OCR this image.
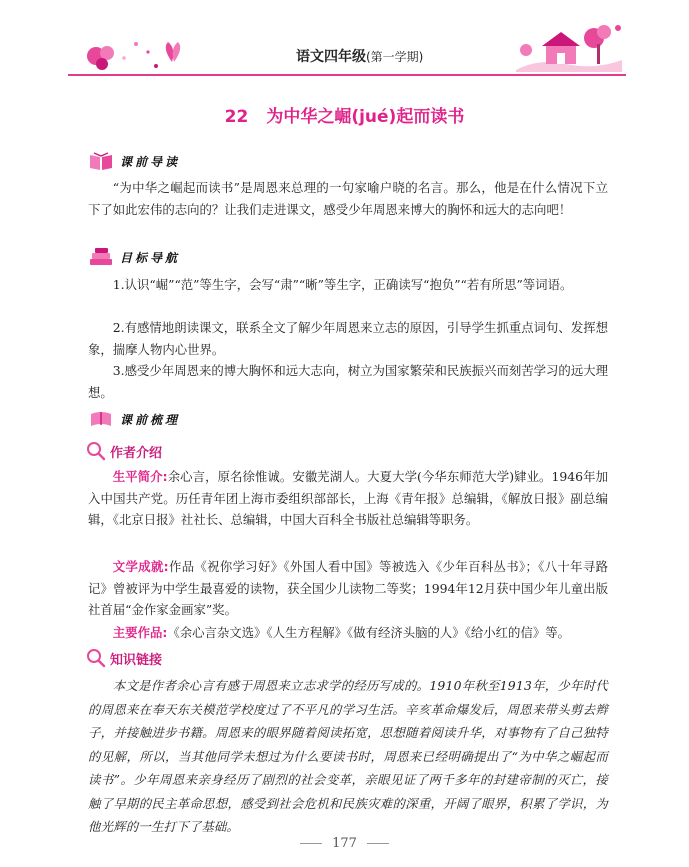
语文四年级(第一学期)
22 为中华之崛(jué)起而读书
课前导读

“为中华之崛起而读书”是周恩来总理的一句家喻户晓的名言。那么，他是在什么情况下立下了如此宏伟的志向的？让我们走进课文，感受少年周恩来博大的胸怀和远大的志向吧！

目标导航

1.认识“崛”“范”等生字，会写“肃”“晰”等生字，正确读写“抱负”“若有所思”等词语。

2.有感情地朗读课文，联系全文了解少年周恩来立志的原因，引导学生抓重点词句、发挥想象，揣摩人物内心世界。

3.感受少年周恩来的博大胸怀和远大志向，树立为国家繁荣和民族振兴而刻苦学习的远大理想。

课前梳理
作者介绍

生平简介:余心言，原名徐惟诚。安徽芜湖人。大夏大学(今华东师范大学)肄业。1946年加入中国共产党。历任青年团上海市委组织部部长，上海《青年报》总编辑，《解放日报》副总编辑，《北京日报》社社长、总编辑，中国大百科全书版社总编辑等职务。

文学成就:作品《祝你学习好》《外国人看中国》等被选入《少年百科丛书》；《八十年寻路记》曾被评为中学生最喜爱的读物，获全国少儿读物二等奖；1994年12月获中国少年儿童出版社首届“金作家金画家”奖。

主要作品:《余心言杂文选》《人生方程解》《做有经济头脑的人》《给小红的信》等。

知识链接

本文是作者余心言有感于周恩来立志求学的经历写成的。1910年秋至1913年，少年时代的周恩来在奉天东关模范学校度过了不平凡的学习生活。辛亥革命爆发后，周恩来带头剪去辫子，并接触进步书籍。周恩来的眼界随着阅读拓宽，思想随着阅读升华，对事物有了自己独特的见解，所以，当其他同学未想过为什么要读书时，周恩来已经明确提出了“为中华之崛起而读书”。少年周恩来亲身经历了剧烈的社会变革，亲眼见证了两千多年的封建帝制的灭亡，接触了早期的民主革命思想，感受到社会危机和民族灾难的深重，开阔了眼界，积累了学识，为他光辉的一生打下了基础。

177
